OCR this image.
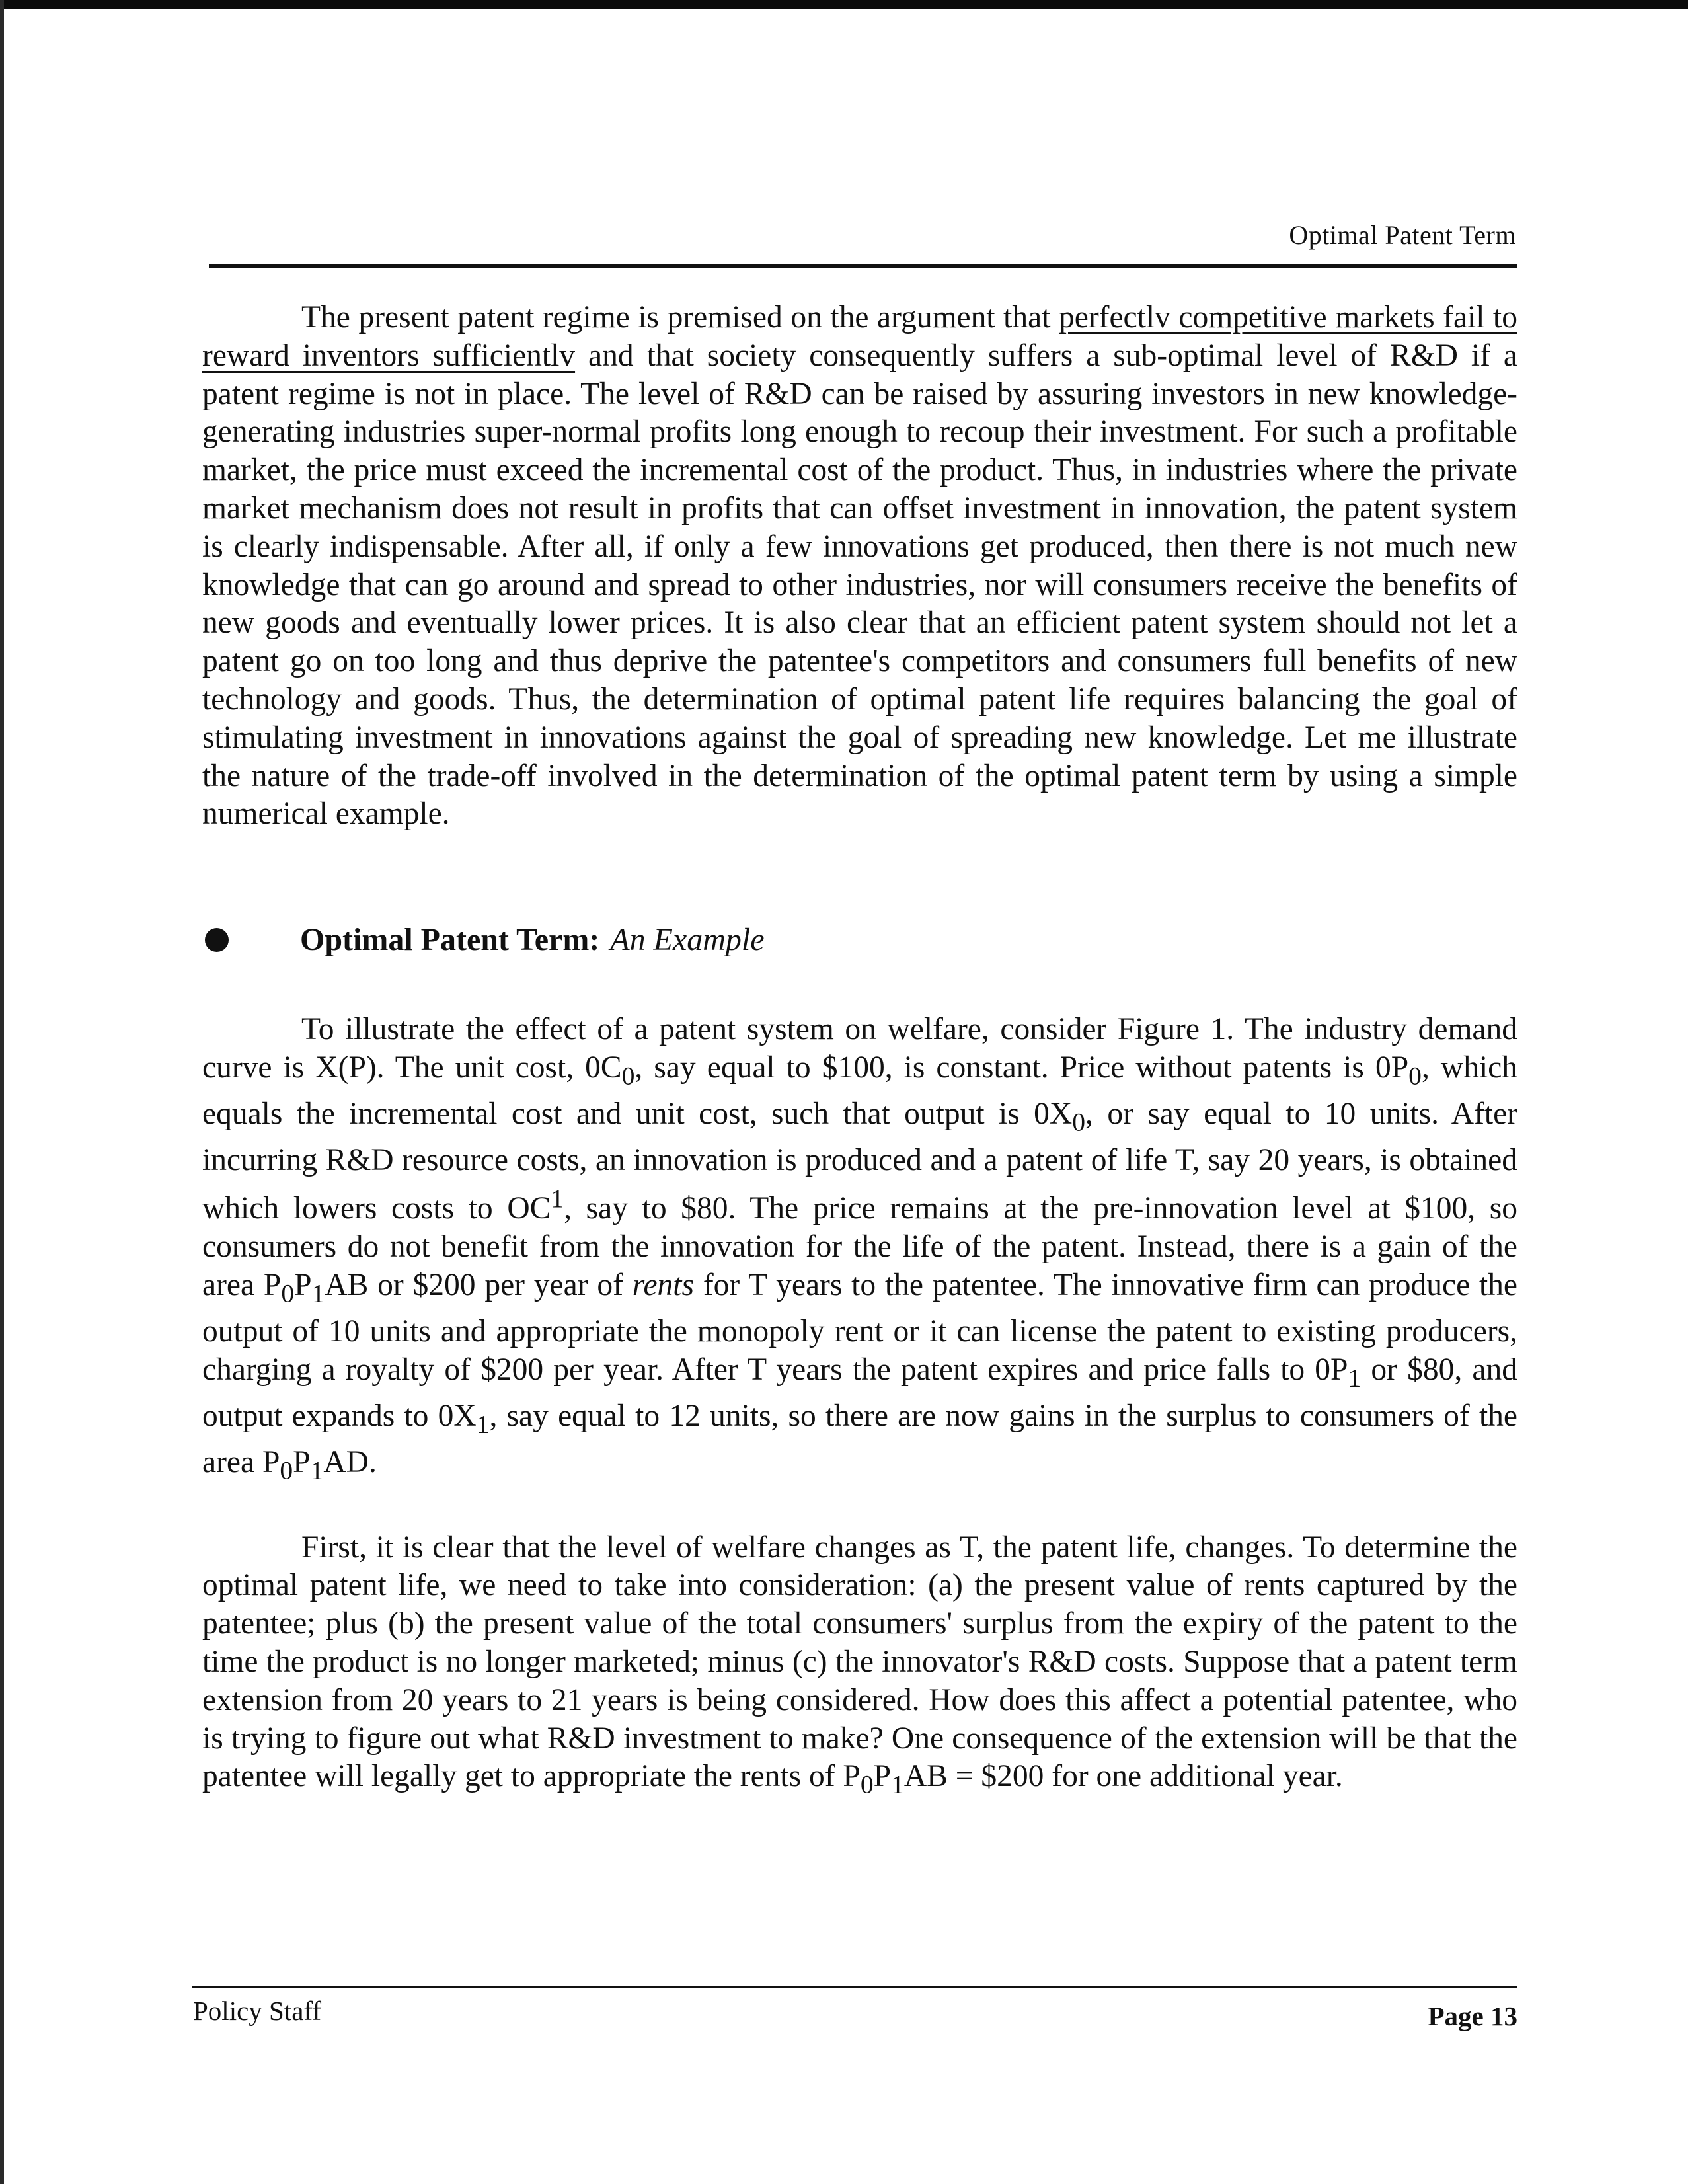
Optimal Patent Term

The present patent regime is premised on the argument that perfectlv competitive markets fail to reward inventors sufficientlv and that society consequently suffers a sub-optimal level of R&D if a patent regime is not in place. The level of R&D can be raised by assuring investors in new knowledge-generating industries super-normal profits long enough to recoup their investment. For such a profitable market, the price must exceed the incremental cost of the product. Thus, in industries where the private market mechanism does not result in profits that can offset investment in innovation, the patent system is clearly indispensable. After all, if only a few innovations get produced, then there is not much new knowledge that can go around and spread to other industries, nor will consumers receive the benefits of new goods and eventually lower prices. It is also clear that an efficient patent system should not let a patent go on too long and thus deprive the patentee's competitors and consumers full benefits of new technology and goods. Thus, the determination of optimal patent life requires balancing the goal of stimulating investment in innovations against the goal of spreading new knowledge. Let me illustrate the nature of the trade-off involved in the determination of the optimal patent term by using a simple numerical example.

Optimal Patent Term: An Example

To illustrate the effect of a patent system on welfare, consider Figure 1. The industry demand curve is X(P). The unit cost, $0C_0$, say equal to $100, is constant. Price without patents is $0P_0$, which equals the incremental cost and unit cost, such that output is $0X_0$, or say equal to 10 units. After incurring R&D resource costs, an innovation is produced and a patent of life T, say 20 years, is obtained which lowers costs to $OC^1$, say to $80. The price remains at the pre-innovation level at $100, so consumers do not benefit from the innovation for the life of the patent. Instead, there is a gain of the area $P_0P_1AB$ or $200 per year of rents for T years to the patentee. The innovative firm can produce the output of 10 units and appropriate the monopoly rent or it can license the patent to existing producers, charging a royalty of $200 per year. After T years the patent expires and price falls to $0P_1$ or $80, and output expands to $0X_1$, say equal to 12 units, so there are now gains in the surplus to consumers of the area $P_0P_1AD$.

First, it is clear that the level of welfare changes as T, the patent life, changes. To determine the optimal patent life, we need to take into consideration: (a) the present value of rents captured by the patentee; plus (b) the present value of the total consumers' surplus from the expiry of the patent to the time the product is no longer marketed; minus (c) the innovator's R&D costs. Suppose that a patent term extension from 20 years to 21 years is being considered. How does this affect a potential patentee, who is trying to figure out what R&D investment to make? One consequence of the extension will be that the patentee will legally get to appropriate the rents of $P_0P_1AB$ = $200 for one additional year.

Policy Staff	Page 13
